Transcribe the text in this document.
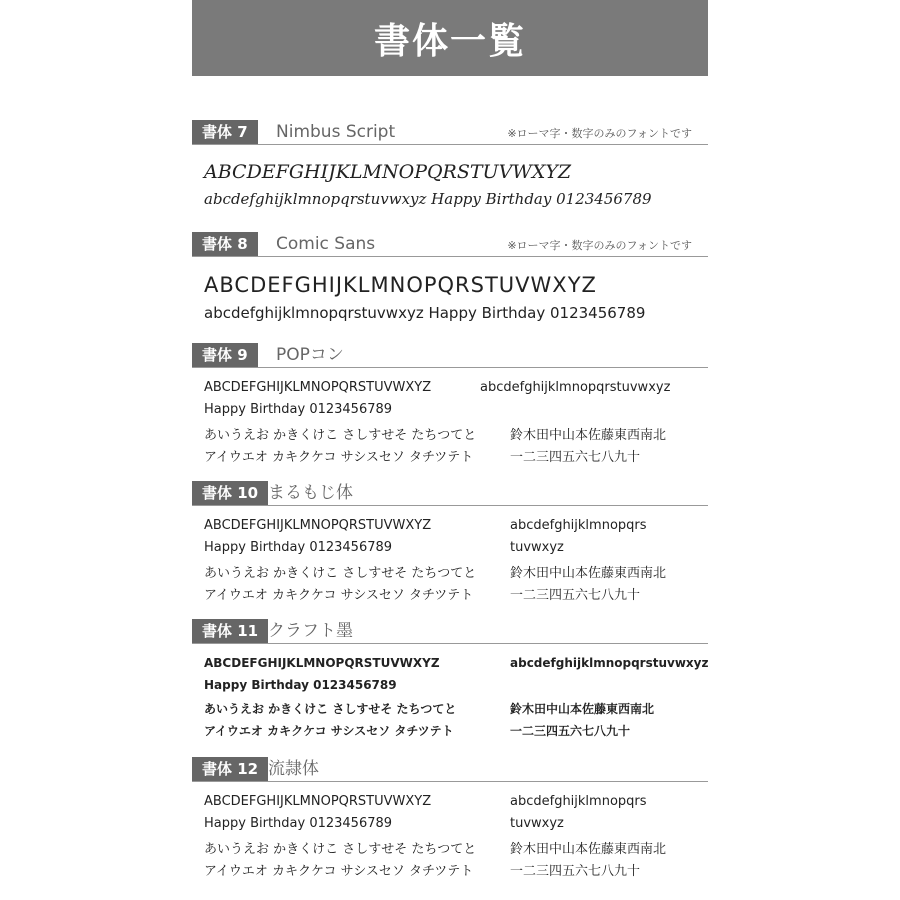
書体一覧
書体 7	Nimbus Script	※ローマ字・数字のみのフォントです
ABCDEFGHIJKLMNOPQRSTUVWXYZ
abcdefghijklmnopqrstuvwxyz Happy Birthday 0123456789
書体 8	Comic Sans	※ローマ字・数字のみのフォントです
ABCDEFGHIJKLMNOPQRSTUVWXYZ
abcdefghijklmnopqrstuvwxyz Happy Birthday 0123456789
書体 9	POPコン
ABCDEFGHIJKLMNOPQRSTUVWXYZ	abcdefghijklmnopqrstuvwxyz
Happy Birthday 0123456789
あいうえお かきくけこ さしすせそ たちつてと	鈴木田中山本佐藤東西南北
アイウエオ カキクケコ サシスセソ タチツテト	一二三四五六七八九十
書体 10 まるもじ体
ABCDEFGHIJKLMNOPQRSTUVWXYZ	abcdefghijklmnopqrs
Happy Birthday 0123456789	tuvwxyz
あいうえお かきくけこ さしすせそ たちつてと	鈴木田中山本佐藤東西南北
アイウエオ カキクケコ サシスセソ タチツテト	一二三四五六七八九十
書体 11 クラフト墨
ABCDEFGHIJKLMNOPQRSTUVWXYZ	abcdefghijklmnopqrstuvwxyz
Happy Birthday 0123456789
あいうえお かきくけこ さしすせそ たちつてと	鈴木田中山本佐藤東西南北
アイウエオ カキクケコ サシスセソ タチツテト	一二三四五六七八九十
書体 12 流隷体
ABCDEFGHIJKLMNOPQRSTUVWXYZ	abcdefghijklmnopqrs
Happy Birthday 0123456789	tuvwxyz
あいうえお かきくけこ さしすせそ たちつてと	鈴木田中山本佐藤東西南北
アイウエオ カキクケコ サシスセソ タチツテト	一二三四五六七八九十
